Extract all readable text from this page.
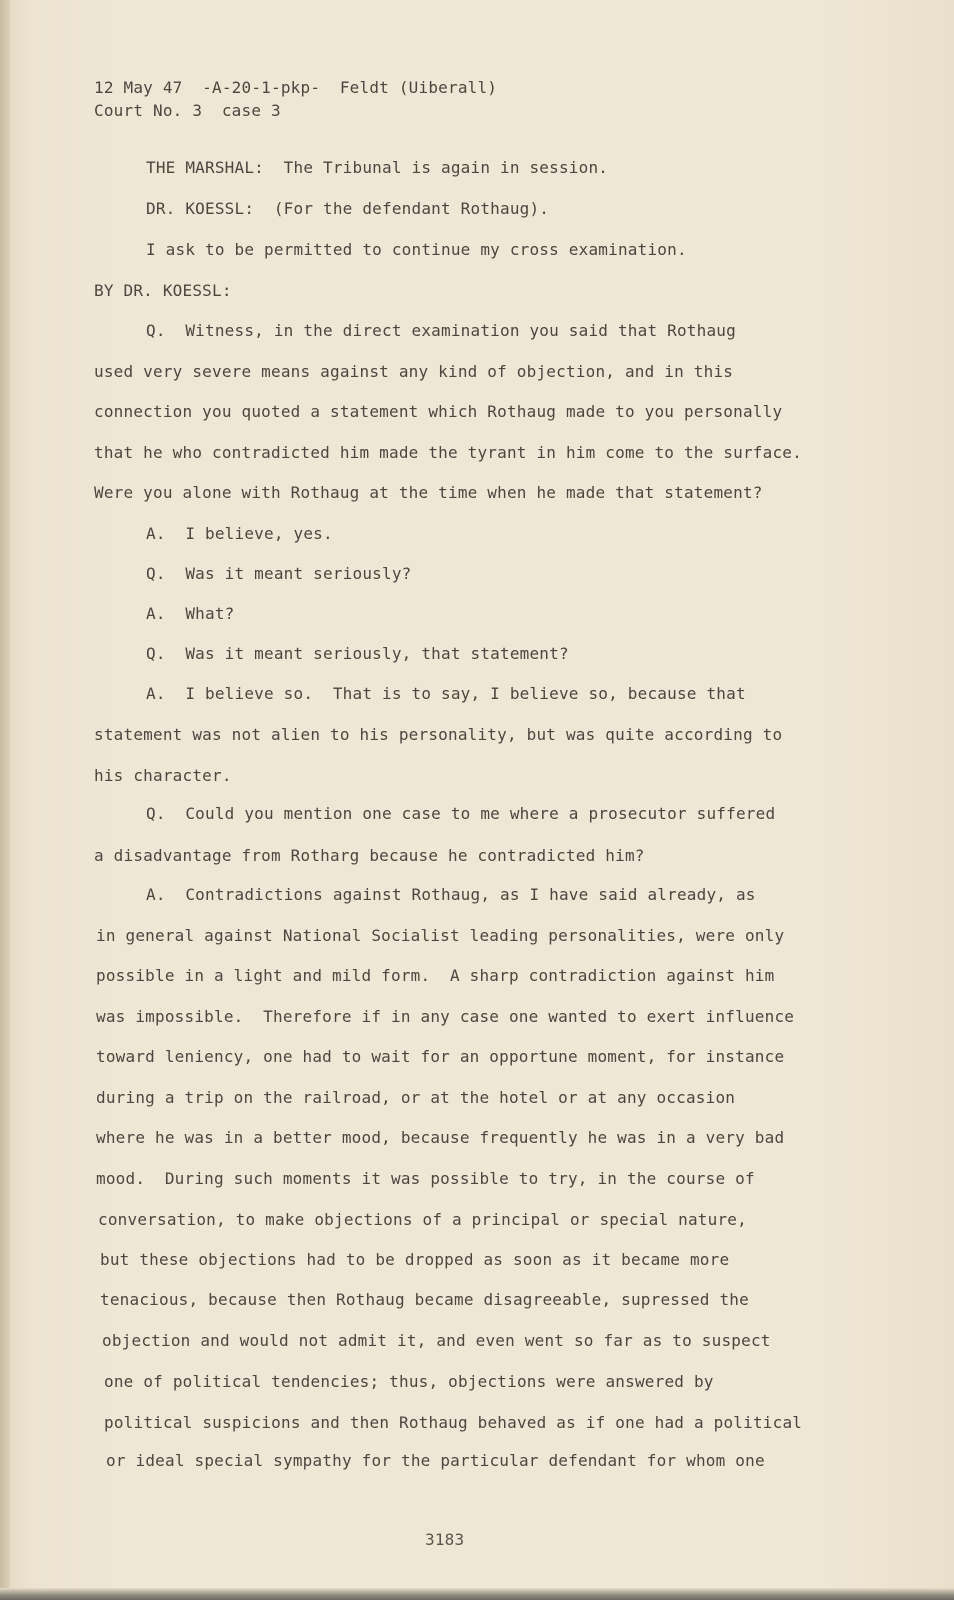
12 May 47  -A-20-1-pkp-  Feldt (Uiberall)
Court No. 3  case 3
THE MARSHAL:  The Tribunal is again in session.
DR. KOESSL:  (For the defendant Rothaug).
I ask to be permitted to continue my cross examination.
BY DR. KOESSL:
Q.  Witness, in the direct examination you said that Rothaug
used very severe means against any kind of objection, and in this
connection you quoted a statement which Rothaug made to you personally
that he who contradicted him made the tyrant in him come to the surface.
Were you alone with Rothaug at the time when he made that statement?
A.  I believe, yes.
Q.  Was it meant seriously?
A.  What?
Q.  Was it meant seriously, that statement?
A.  I believe so.  That is to say, I believe so, because that
statement was not alien to his personality, but was quite according to
his character.
Q.  Could you mention one case to me where a prosecutor suffered
a disadvantage from Rotharg because he contradicted him?
A.  Contradictions against Rothaug, as I have said already, as
in general against National Socialist leading personalities, were only
possible in a light and mild form.  A sharp contradiction against him
was impossible.  Therefore if in any case one wanted to exert influence
toward leniency, one had to wait for an opportune moment, for instance
during a trip on the railroad, or at the hotel or at any occasion
where he was in a better mood, because frequently he was in a very bad
mood.  During such moments it was possible to try, in the course of
conversation, to make objections of a principal or special nature,
but these objections had to be dropped as soon as it became more
tenacious, because then Rothaug became disagreeable, supressed the
objection and would not admit it, and even went so far as to suspect
one of political tendencies; thus, objections were answered by
political suspicions and then Rothaug behaved as if one had a political
or ideal special sympathy for the particular defendant for whom one
3183
